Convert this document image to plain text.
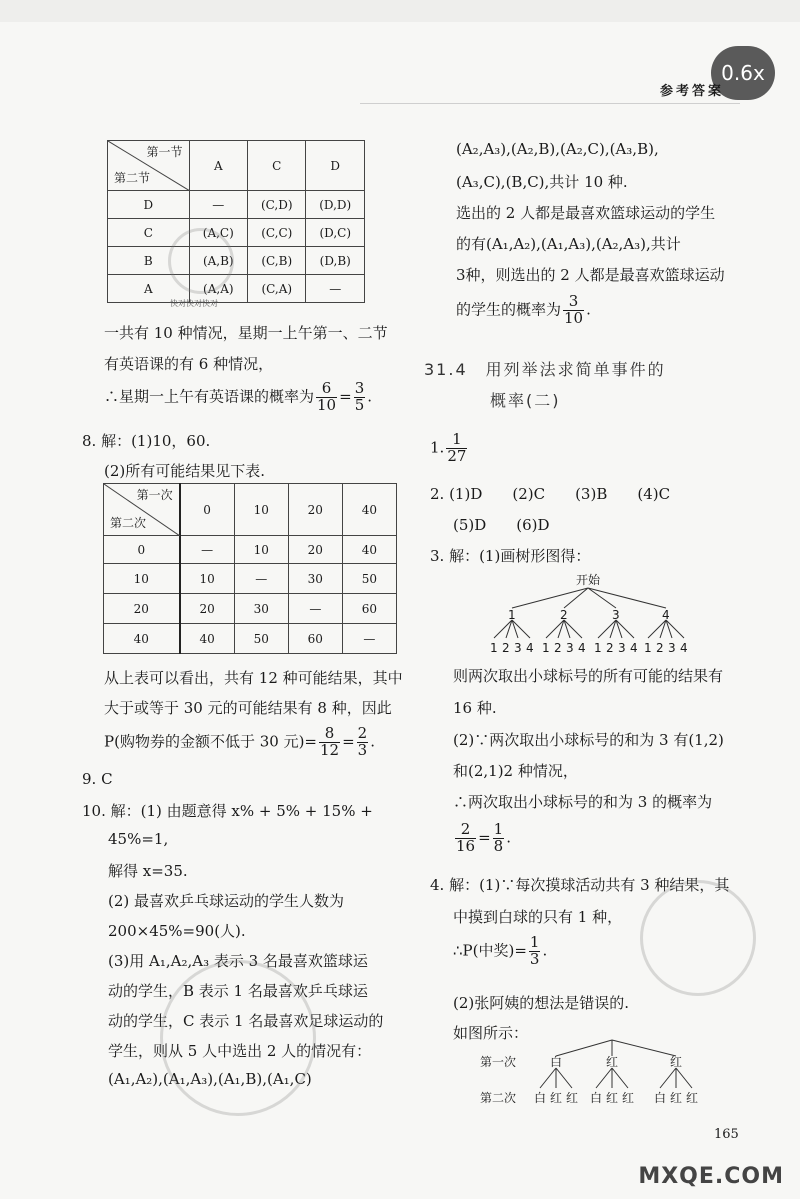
0.6x
参考答案
第一节
第二节	A	C	D
D	—	(C,D)	(D,D)
C	(A,C)	(C,C)	(D,C)
B	(A,B)	(C,B)	(D,B)
A	(A,A)	(C,A)	—
快对快对快对
一共有 10 种情况，星期一上午第一、二节
有英语课的有 6 种情况，
∴星期一上午有英语课的概率为 $\frac{6}{10} = \frac{3}{5}$ .
8. 解：(1)10，60.
(2)所有可能结果见下表.
第一次
第二次	0	10	20	40
0	—	10	20	40
10	10	—	30	50
20	20	30	—	60
40	40	50	60	—
从上表可以看出，共有 12 种可能结果，其中
大于或等于 30 元的可能结果有 8 种，因此
P(购物券的金额不低于 30 元)= $\frac{8}{12} = \frac{2}{3}$ .
9. C
10. 解：(1) 由题意得 x% + 5% + 15% +
45%=1,
解得 x=35.
(2) 最喜欢乒乓球运动的学生人数为
200×45%=90(人).
(3)用 A₁,A₂,A₃ 表示 3 名最喜欢篮球运
动的学生，B 表示 1 名最喜欢乒乓球运
动的学生，C 表示 1 名最喜欢足球运动的
学生，则从 5 人中选出 2 人的情况有：
(A₁,A₂),(A₁,A₃),(A₁,B),(A₁,C)
(A₂,A₃),(A₂,B),(A₂,C),(A₃,B),
(A₃,C),(B,C),共计 10 种.
选出的 2 人都是最喜欢篮球运动的学生
的有(A₁,A₂),(A₁,A₃),(A₂,A₃),共计
3种，则选出的 2 人都是最喜欢篮球运动
的学生的概率为 $\frac{3}{10}$ .
31.4　用列举法求简单事件的
概率(二)
1. $\frac{1}{27}$
2. (1)D　　(2)C　　(3)B　　(4)C
(5)D　　(6)D
3. 解：(1)画树形图得：
开始
1	2	3	4
1 2 3 4 1 2 3 4 1 2 3 4 1 2 3 4
则两次取出小球标号的所有可能的结果有
16 种.
(2)∵两次取出小球标号的和为 3 有(1,2)
和(2,1)2 种情况，
∴两次取出小球标号的和为 3 的概率为
$\frac{2}{16} = \frac{1}{8}$ .
4. 解：(1)∵每次摸球活动共有 3 种结果，其
中摸到白球的只有 1 种，
∴P(中奖)= $\frac{1}{3}$ .
(2)张阿姨的想法是错误的.
如图所示：
第一次
第二次
白	红	红
白 红 红 白 红 红 白 红 红
165
MXQE.COM
